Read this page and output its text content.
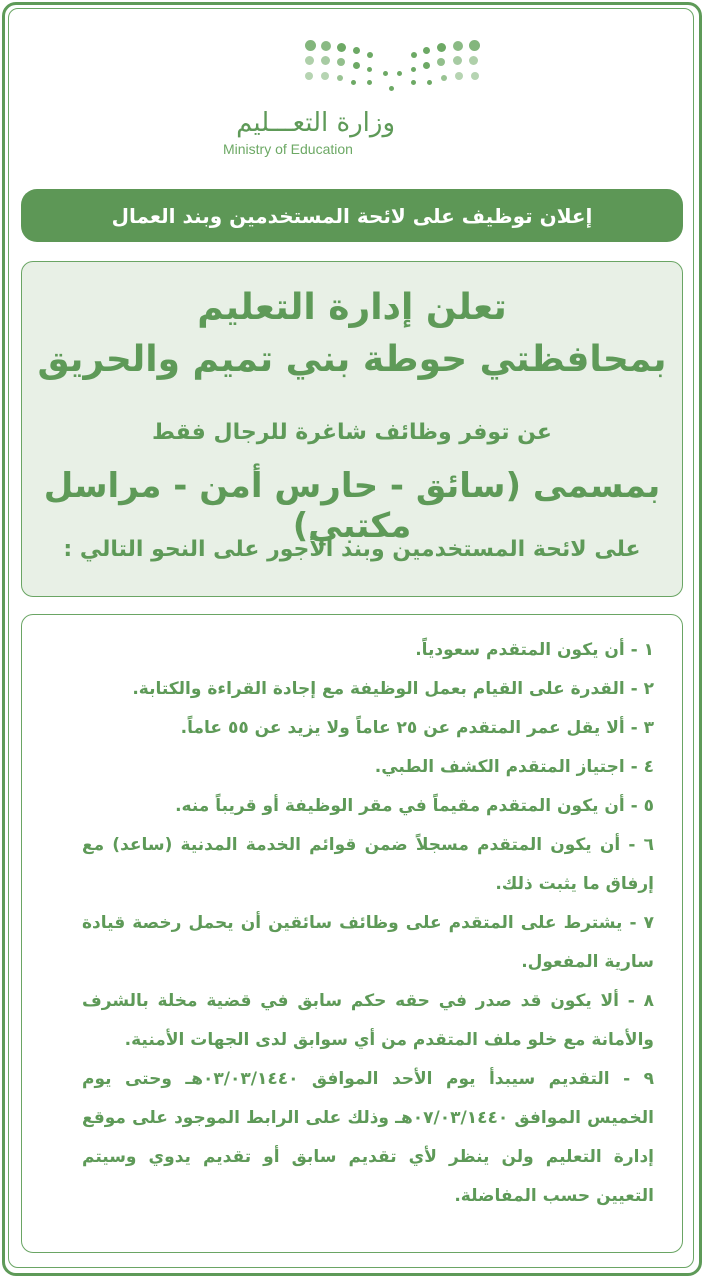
وزارة التعـــليم
Ministry of Education
إعلان توظيف على لائحة المستخدمين وبند العمال
تعلن إدارة التعليم
بمحافظتي حوطة بني تميم والحريق
عن توفر وظائف شاغرة للرجال فقط
بمسمى (سائق - حارس أمن - مراسل مكتبي)
على لائحة المستخدمين وبند الأجور على النحو التالي :
١ - أن يكون المتقدم سعودياً.
٢ - القدرة على القيام بعمل الوظيفة مع إجادة القراءة والكتابة.
٣ - ألا يقل عمر المتقدم عن ٢٥ عاماً ولا يزيد عن ٥٥ عاماً.
٤ - اجتياز المتقدم الكشف الطبي.
٥ - أن يكون المتقدم مقيماً في مقر الوظيفة أو قريباً منه.
٦ - أن يكون المتقدم مسجلاً ضمن قوائم الخدمة المدنية (ساعد) مع إرفاق ما يثبت ذلك.
٧ - يشترط على المتقدم على وظائف سائقين أن يحمل رخصة قيادة سارية المفعول.
٨ - ألا يكون قد صدر في حقه حكم سابق في قضية مخلة بالشرف والأمانة مع خلو ملف المتقدم من أي سوابق لدى الجهات الأمنية.
٩ - التقديم سيبدأ يوم الأحد الموافق ٠٣/٠٣/١٤٤٠هـ وحتى يوم الخميس الموافق ٠٧/٠٣/١٤٤٠هـ وذلك على الرابط الموجود على موقع إدارة التعليم ولن ينظر لأي تقديم سابق أو تقديم يدوي وسيتم التعيين حسب المفاضلة.
